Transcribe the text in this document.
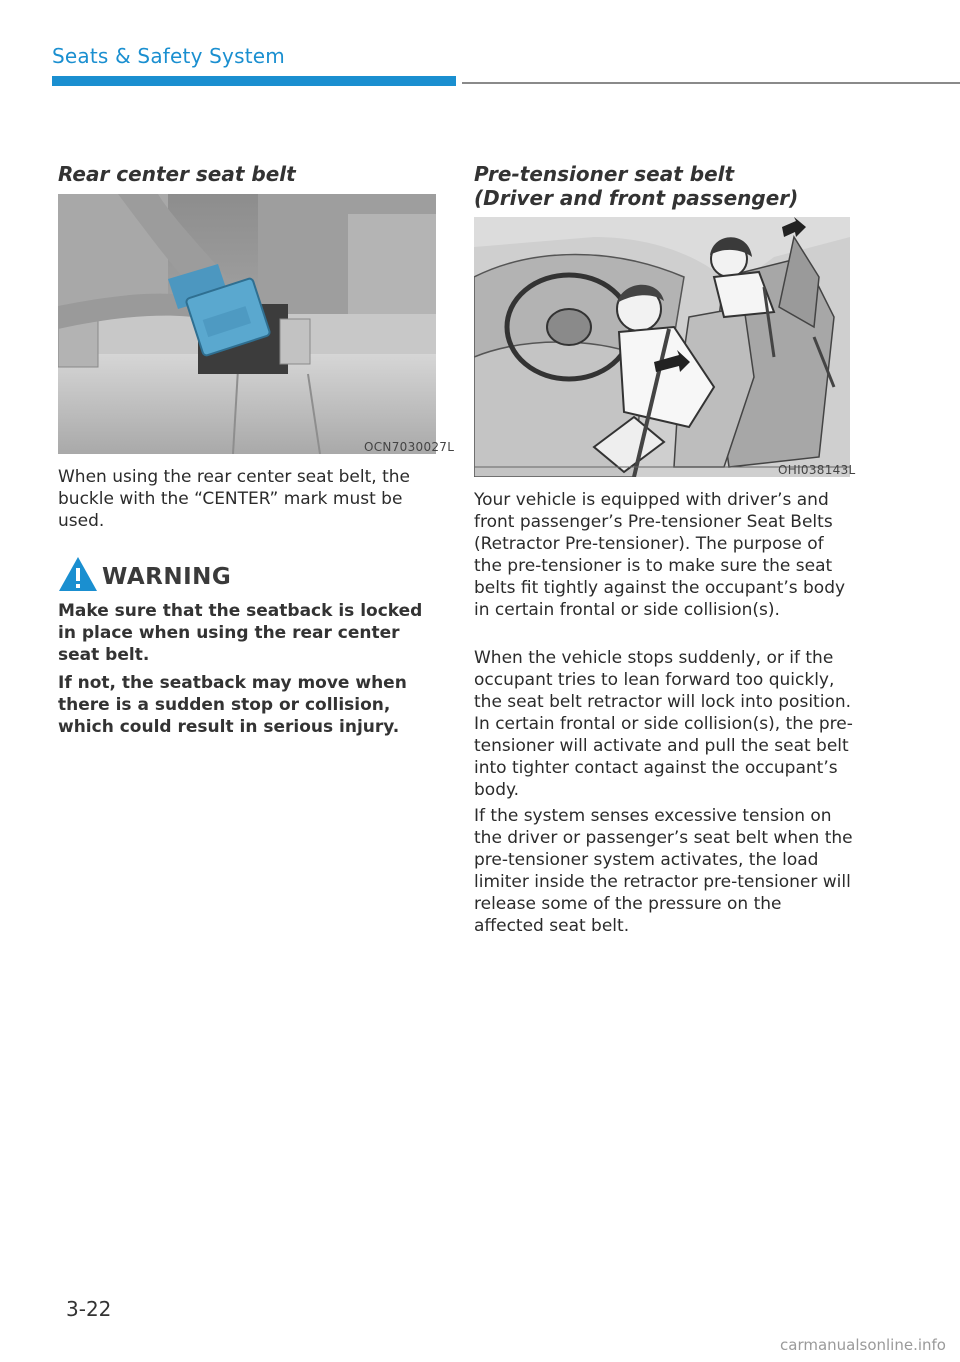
Seats & Safety System
Rear center seat belt
OCN7030027L

When using the rear center seat belt, the buckle with the “CENTER” mark must be used.

WARNING

Make sure that the seatback is locked in place when using the rear center seat belt.

If not, the seatback may move when there is a sudden stop or collision, which could result in serious injury.

Pre-tensioner seat belt
(Driver and front passenger)
OHI038143L

Your vehicle is equipped with driver’s and front passenger’s Pre-tensioner Seat Belts (Retractor Pre-tensioner). The purpose of the pre-tensioner is to make sure the seat belts fit tightly against the occupant’s body in certain frontal or side collision(s).

When the vehicle stops suddenly, or if the occupant tries to lean forward too quickly, the seat belt retractor will lock into position. In certain frontal or side collision(s), the pre-tensioner will activate and pull the seat belt into tighter contact against the occupant’s body.

If the system senses excessive tension on the driver or passenger’s seat belt when the pre-tensioner system activates, the load limiter inside the retractor pre-tensioner will release some of the pressure on the affected seat belt.

3-22
carmanualsonline.info
